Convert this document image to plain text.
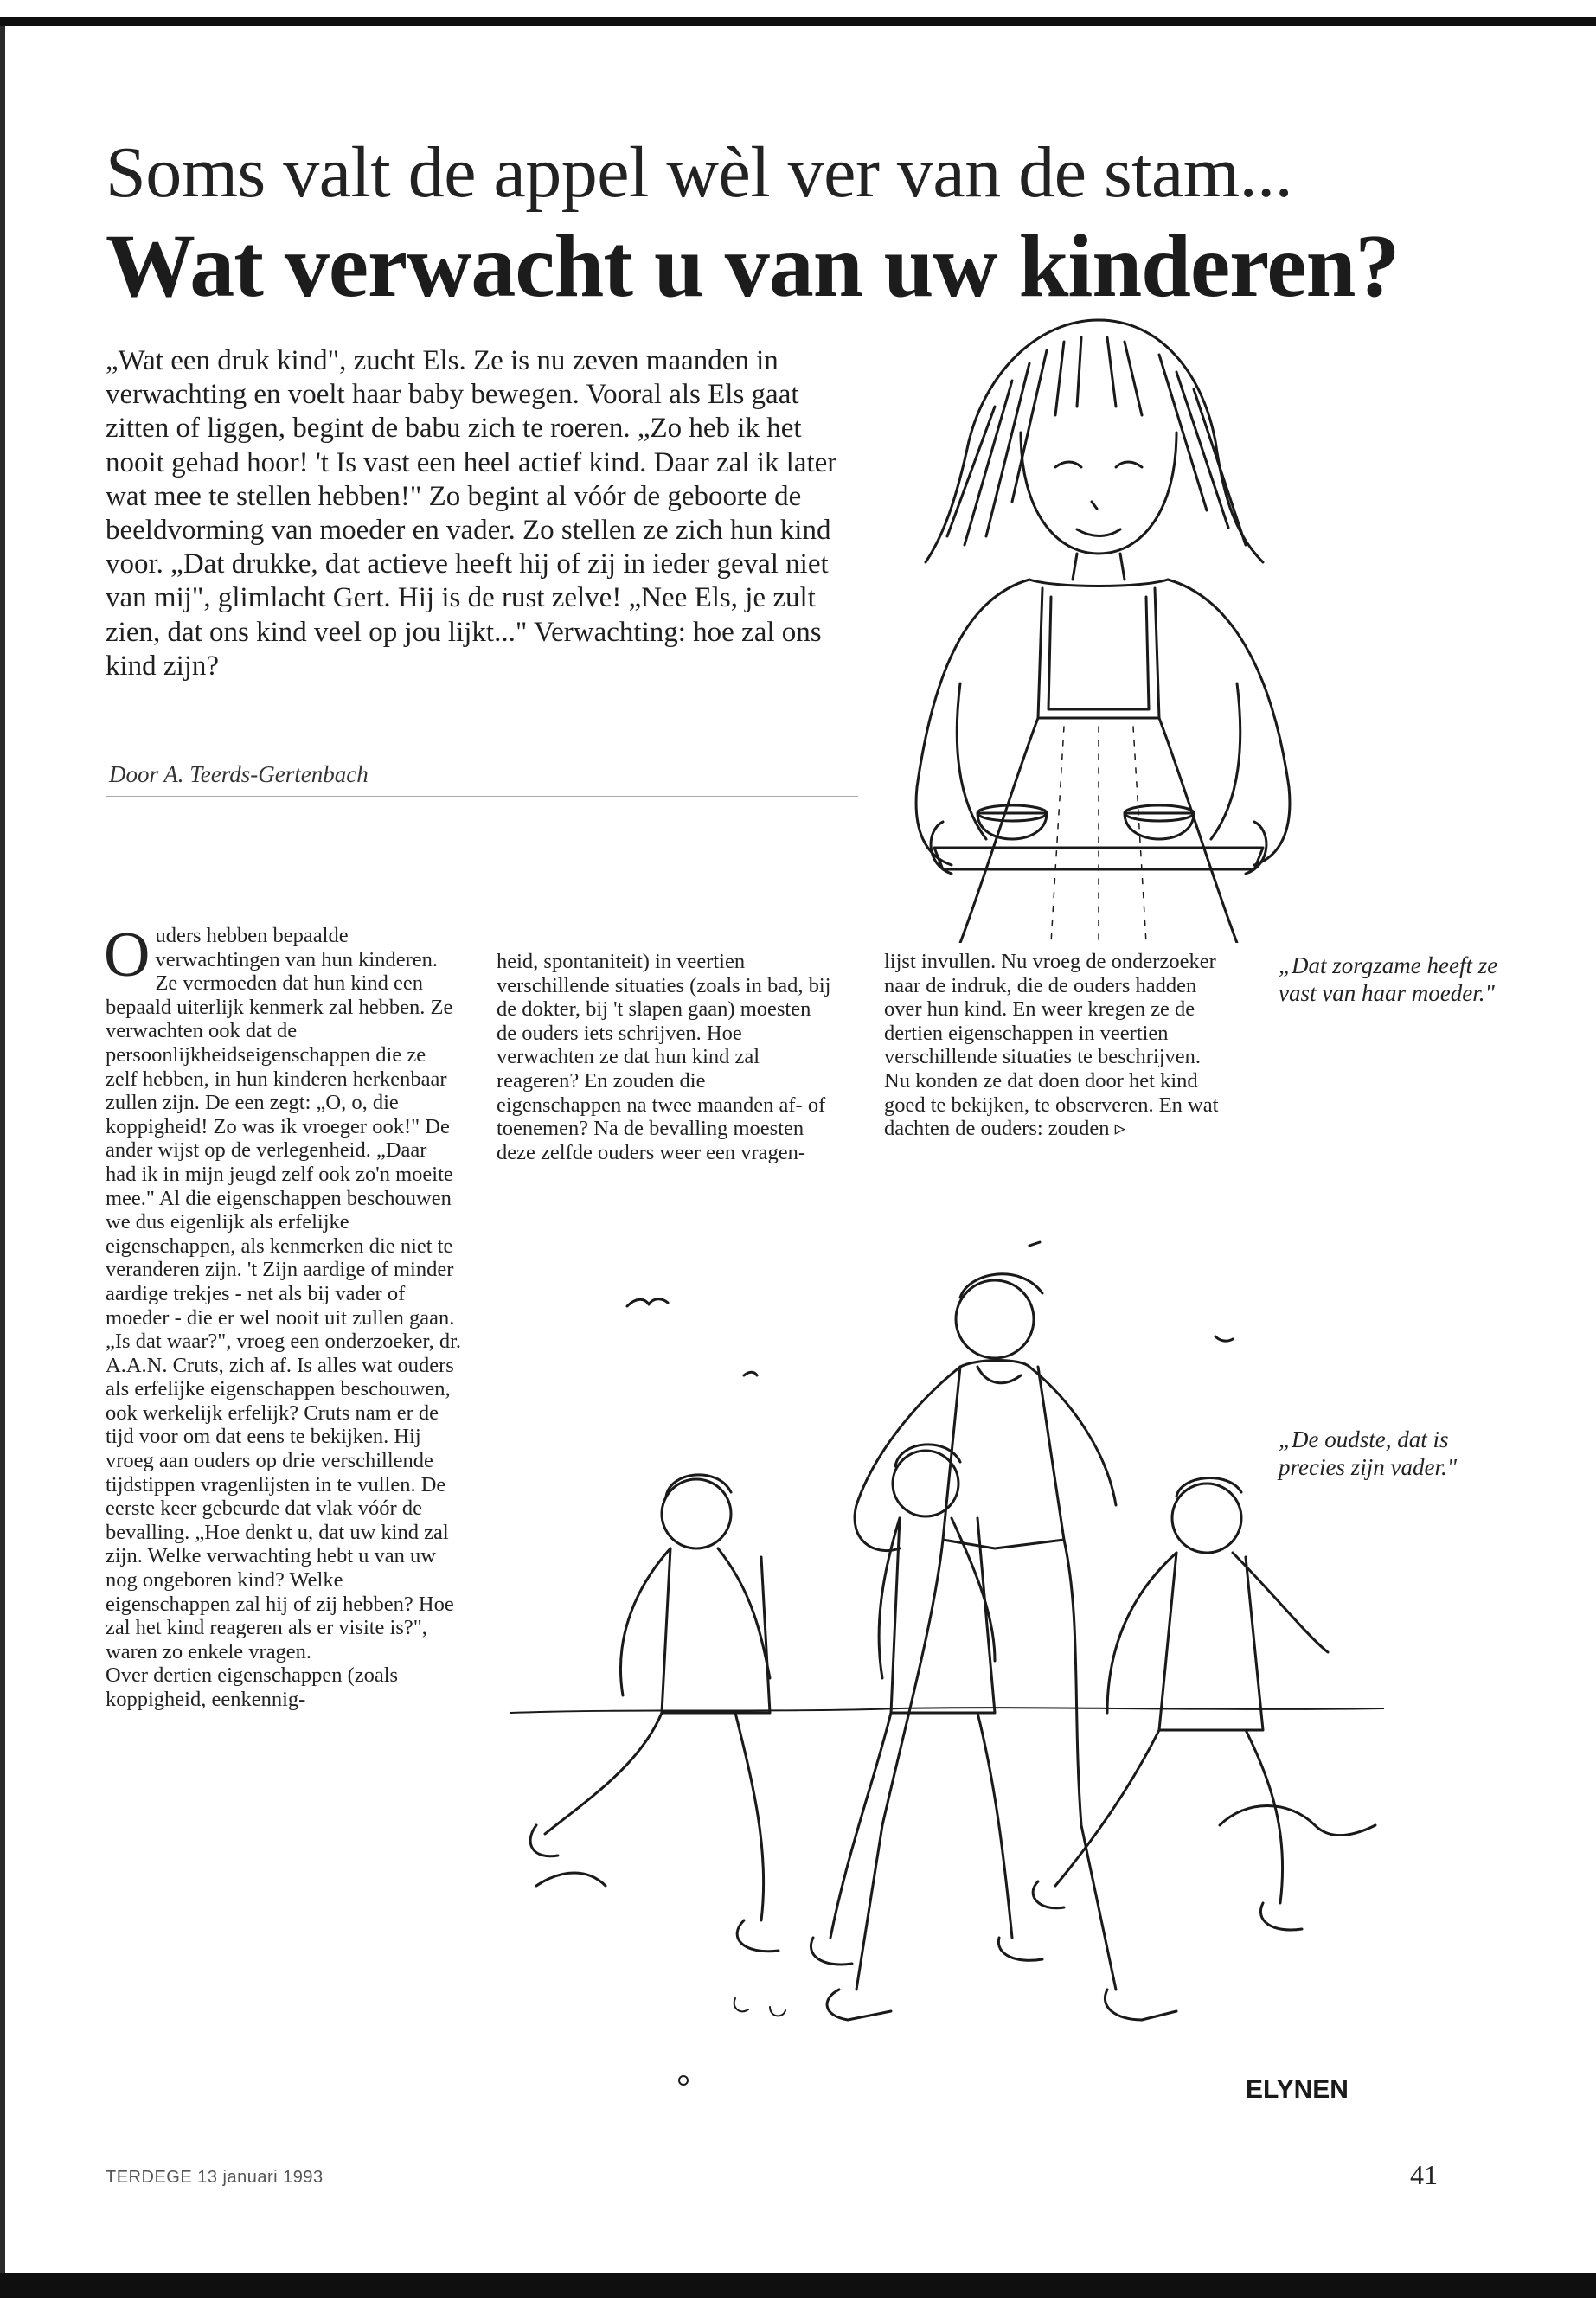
Soms valt de appel wèl ver van de stam...
Wat verwacht u van uw kinderen?

„Wat een druk kind", zucht Els. Ze is nu zeven maanden in verwachting en voelt haar baby bewegen. Vooral als Els gaat zitten of liggen, begint de babu zich te roeren. „Zo heb ik het nooit gehad hoor! 't Is vast een heel actief kind. Daar zal ik later wat mee te stellen hebben!" Zo begint al vóór de geboorte de beeldvorming van moeder en vader. Zo stellen ze zich hun kind voor. „Dat drukke, dat actieve heeft hij of zij in ieder geval niet van mij", glimlacht Gert. Hij is de rust zelve! „Nee Els, je zult zien, dat ons kind veel op jou lijkt..." Verwachting: hoe zal ons kind zijn?

Door A. Teerds-Gertenbach
O uders hebben bepaalde verwachtingen van hun kinderen. Ze vermoeden dat hun kind een bepaald uiterlijk kenmerk zal hebben. Ze verwachten ook dat de persoonlijkheidseigenschappen die ze zelf hebben, in hun kinderen herkenbaar zullen zijn. De een zegt: „O, o, die koppigheid! Zo was ik vroeger ook!" De ander wijst op de verlegenheid. „Daar had ik in mijn jeugd zelf ook zo'n moeite mee." Al die eigenschappen beschouwen we dus eigenlijk als erfelijke eigenschappen, als kenmerken die niet te veranderen zijn. 't Zijn aardige of minder aardige trekjes - net als bij vader of moeder - die er wel nooit uit zullen gaan.

„Is dat waar?", vroeg een onderzoeker, dr. A.A.N. Cruts, zich af. Is alles wat ouders als erfelijke eigenschappen beschouwen, ook werkelijk erfelijk? Cruts nam er de tijd voor om dat eens te bekijken. Hij vroeg aan ouders op drie verschillende tijdstippen vragenlijsten in te vullen. De eerste keer gebeurde dat vlak vóór de bevalling. „Hoe denkt u, dat uw kind zal zijn. Welke verwachting hebt u van uw nog ongeboren kind? Welke eigenschappen zal hij of zij hebben? Hoe zal het kind reageren als er visite is?", waren zo enkele vragen.

Over dertien eigenschappen (zoals koppigheid, eenkennig-

heid, spontaniteit) in veertien verschillende situaties (zoals in bad, bij de dokter, bij 't slapen gaan) moesten de ouders iets schrijven. Hoe verwachten ze dat hun kind zal reageren? En zouden die eigenschappen na twee maanden af- of toenemen? Na de bevalling moesten deze zelfde ouders weer een vragen-

lijst invullen. Nu vroeg de onderzoeker naar de indruk, die de ouders hadden over hun kind. En weer kregen ze de dertien eigenschappen in veertien verschillende situaties te beschrijven. Nu konden ze dat doen door het kind goed te bekijken, te observeren. En wat dachten de ouders: zouden ▹

„Dat zorgzame heeft ze vast van haar moeder."
„De oudste, dat is precies zijn vader."
ELYNEN
TERDEGE 13 januari 1993	41
